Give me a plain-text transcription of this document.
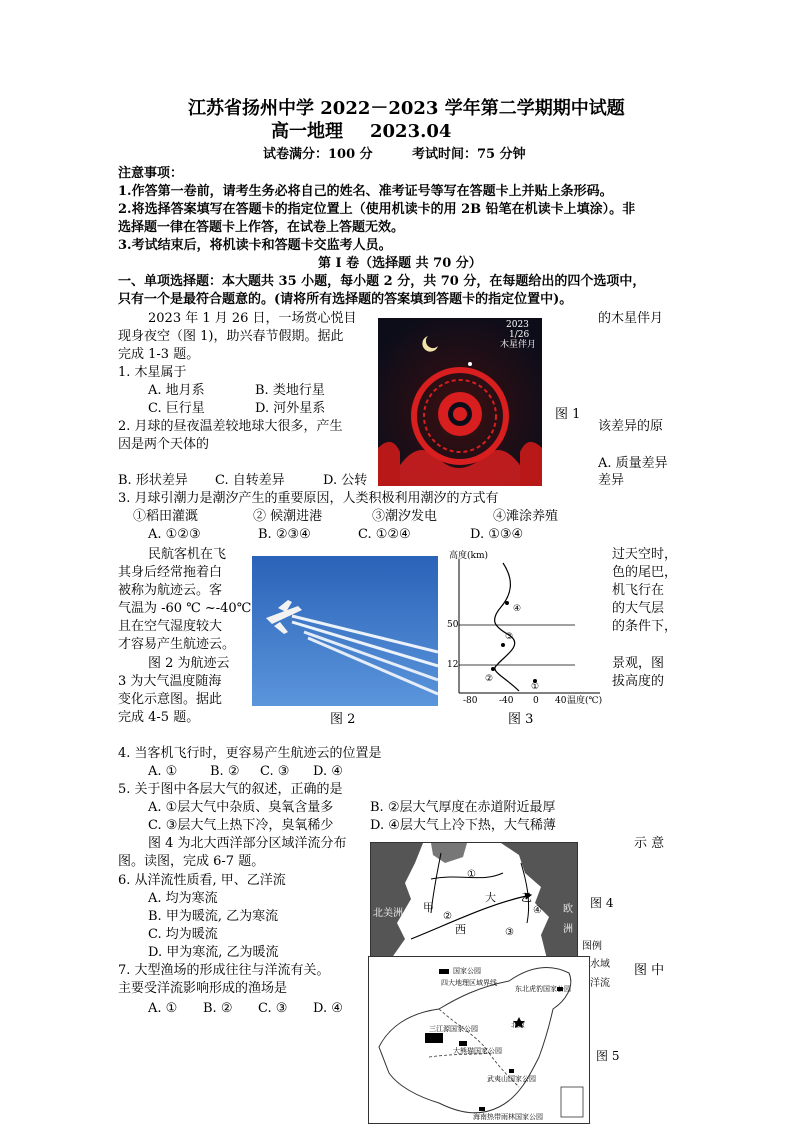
江苏省扬州中学 2022－2023 学年第二学期期中试题
高一地理 2023.04
试卷满分：100 分	考试时间：75 分钟
注意事项：
1.作答第一卷前，请考生务必将自己的姓名、准考证号等写在答题卡上并贴上条形码。
2.将选择答案填写在答题卡的指定位置上（使用机读卡的用 2B 铅笔在机读卡上填涂）。非
选择题一律在答题卡上作答，在试卷上答题无效。
3.考试结束后，将机读卡和答题卡交监考人员。
第 I 卷（选择题 共 70 分）
一、单项选择题：本大题共 35 小题，每小题 2 分，共 70 分，在每题给出的四个选项中，
只有一个是最符合题意的。(请将所有选择题的答案填到答题卡的指定位置中)。
2023 年 1 月 26 日，一场赏心悦目	的木星伴月
现身夜空（图 1)，助兴春节假期。据此
完成 1-3 题。
2023
1/26
木星伴月
图 1
1. 木星属于
A. 地月系	B. 类地行星
C. 巨行星	D. 河外星系
2. 月球的昼夜温差较地球大很多，产生	该差异的原
因是两个天体的
A. 质量差异
B. 形状差异 C. 自转差异	D. 公转	差异
3. 月球引潮力是潮汐产生的重要原因，人类积极利用潮汐的方式有
①稻田灌溉	② 候潮进港	③潮汐发电	④滩涂养殖
A. ①②③	B. ②③④	C. ①②④	D. ①③④
民航客机在飞	过天空时，
其身后经常拖着白	色的尾巴，
被称为航迹云。客	机飞行在
气温为 -60 ℃ ~-40℃	的大气层
且在空气湿度较大	的条件下，
才容易产生航迹云。
图 2 为航迹云	景观，图
3 为大气温度随海	拔高度的
变化示意图。据此
完成 4-5 题。	图 2
④
③
②
①
高度(km)
50
12
-80 -40 0 40 温度(℃)
图 3
4. 当客机飞行时，更容易产生航迹云的位置是
A. ①	B. ② C. ③ D. ④
5. 关于图中各层大气的叙述，正确的是
A. ①层大气中杂质、臭氧含量多	B. ②层大气厚度在赤道附近最厚
C. ③层大气上热下冷，臭氧稀少	D. ④层大气上冷下热，大气稀薄
图 4 为北大西洋部分区域洋流分布	示 意
图。读图，完成 6-7 题。
①
②
③
④
北美洲
大
西
乙
甲	欧
洲
图 4
图例
水域
洋流
6. 从洋流性质看, 甲、乙洋流
A. 均为寒流
B. 甲为暖流, 乙为寒流
C. 均为暖流
D. 甲为寒流, 乙为暖流
7. 大型渔场的形成往往与洋流有关。	图 中
主要受洋流影响形成的渔场是
A. ① B. ② C. ③ D. ④
国家公园
四大地理区域界线
东北虎豹国家公园
北京
三江源国家公园
大熊猫国家公园
武夷山国家公园
海南热带雨林国家公园
图 5
